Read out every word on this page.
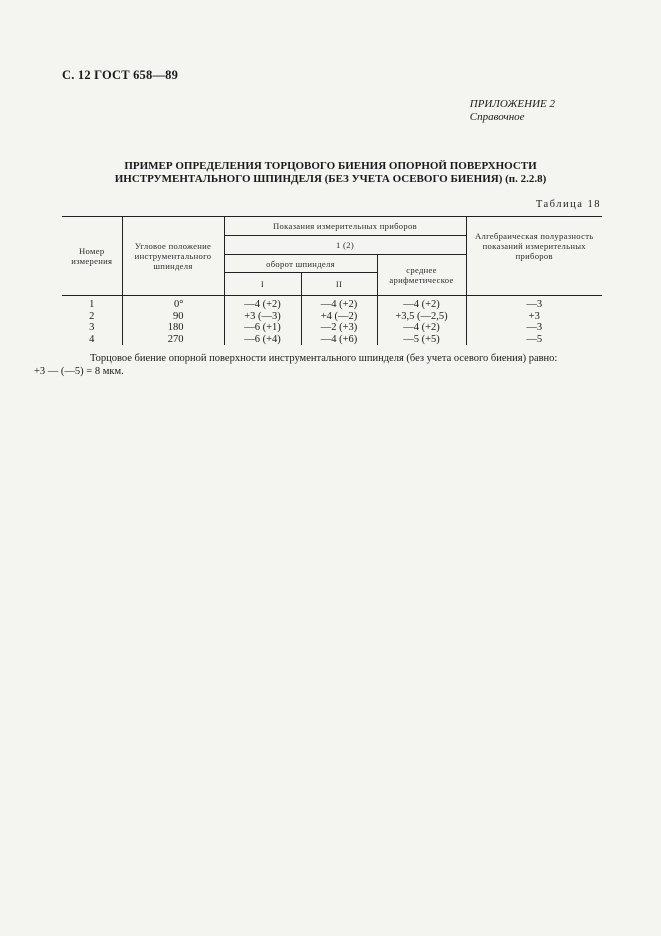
С. 12 ГОСТ 658—89
ПРИЛОЖЕНИЕ 2
Справочное
ПРИМЕР ОПРЕДЕЛЕНИЯ ТОРЦОВОГО БИЕНИЯ ОПОРНОЙ ПОВЕРХНОСТИ
ИНСТРУМЕНТАЛЬНОГО ШПИНДЕЛЯ (БЕЗ УЧЕТА ОСЕВОГО БИЕНИЯ) (п. 2.2.8)
Таблица 18
Номер измерения	Угловое положение инструментального шпинделя	Показания измерительных приборов			Алгебраическая полуразность показаний измерительных приборов
		1 (2)			
		оборот шпинделя		среднее арифметическое	
		I	II		
1	0°	—4 (+2)	—4 (+2)	—4 (+2)	—3
2	90	+3 (—3)	+4 (—2)	+3,5 (—2,5)	+3
3	180	—6 (+1)	—2 (+3)	—4 (+2)	—3
4	270	—6 (+4)	—4 (+6)	—5 (+5)	—5
Торцовое биение опорной поверхности инструментального шпинделя (без учета осевого биения) равно:
+3 — (—5) = 8 мкм.
